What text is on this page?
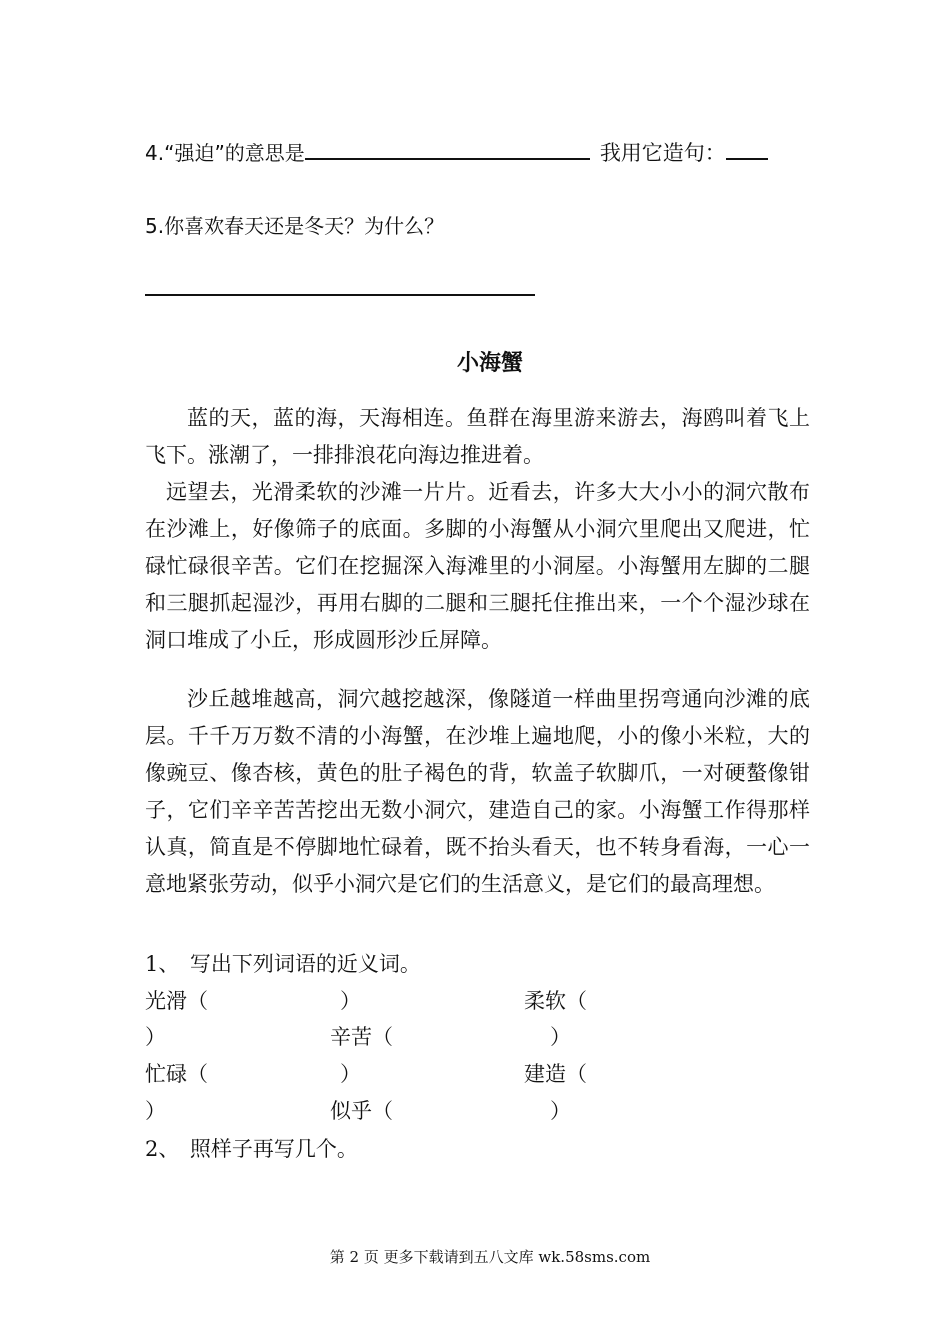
4.“强迫”的意思是	我用它造句：
5.你喜欢春天还是冬天？为什么？
小海蟹
蓝的天，蓝的海，天海相连。鱼群在海里游来游去，海鸥叫着飞上飞下。涨潮了，一排排浪花向海边推进着。
远望去，光滑柔软的沙滩一片片。近看去，许多大大小小的洞穴散布在沙滩上，好像筛子的底面。多脚的小海蟹从小洞穴里爬出又爬进，忙碌忙碌很辛苦。它们在挖掘深入海滩里的小洞屋。小海蟹用左脚的二腿和三腿抓起湿沙，再用右脚的二腿和三腿托住推出来，一个个湿沙球在洞口堆成了小丘，形成圆形沙丘屏障。
沙丘越堆越高，洞穴越挖越深，像隧道一样曲里拐弯通向沙滩的底层。千千万万数不清的小海蟹，在沙堆上遍地爬，小的像小米粒，大的像豌豆、像杏核，黄色的肚子褐色的背，软盖子软脚爪，一对硬螯像钳子，它们辛辛苦苦挖出无数小洞穴，建造自己的家。小海蟹工作得那样认真，简直是不停脚地忙碌着，既不抬头看天，也不转身看海，一心一意地紧张劳动，似乎小洞穴是它们的生活意义，是它们的最高理想。
1、　写出下列词语的近义词。
光滑（	）	柔软（
）	辛苦（	）
忙碌（	）	建造（
）	似乎（	）
2、　照样子再写几个。
第 2 页 更多下载请到五八文库 wk.58sms.com
